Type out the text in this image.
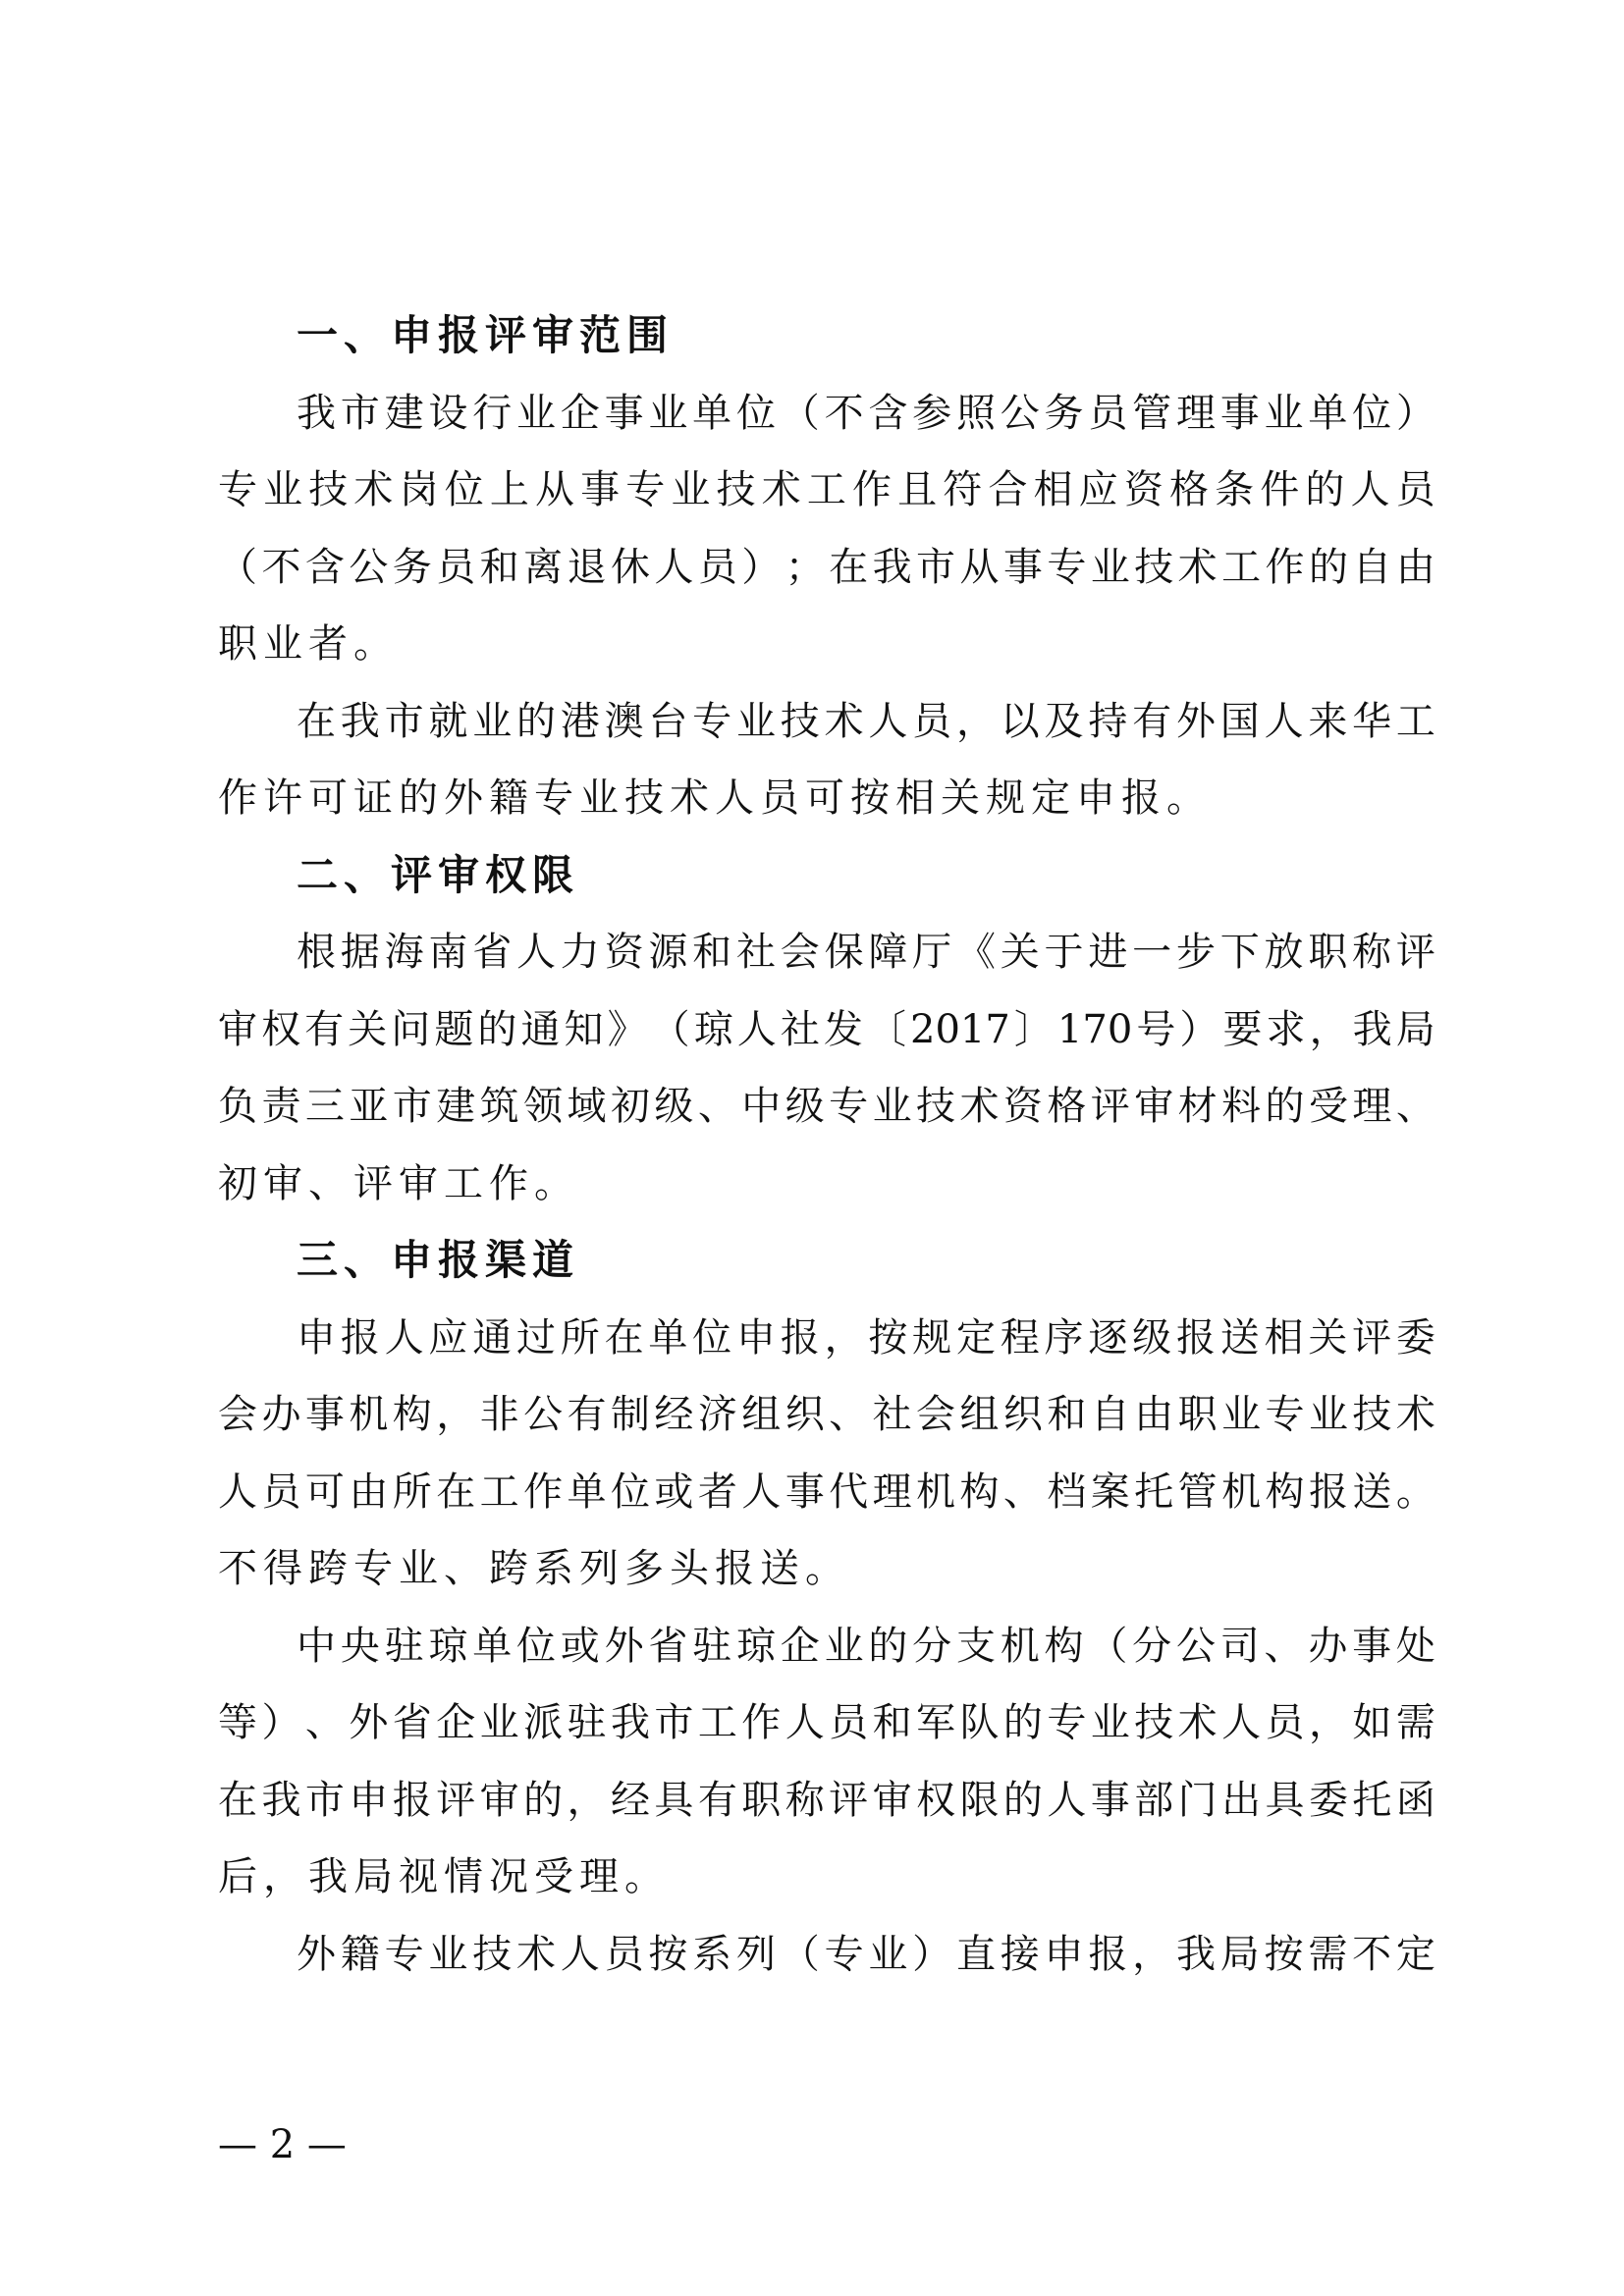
一、申报评审范围
我 市 建 设 行 业 企 事 业 单 位 （ 不 含 参 照 公 务 员 管 理 事 业 单 位 ）
专 业 技 术 岗 位 上 从 事 专 业 技 术 工 作 且 符 合 相 应 资 格 条 件 的 人 员
（ 不 含 公 务 员 和 离 退 休 人 员 ） ； 在 我 市 从 事 专 业 技 术 工 作 的 自 由
职业者。
在 我 市 就 业 的 港 澳 台 专 业 技 术 人 员 ， 以 及 持 有 外 国 人 来 华 工
作许可证的外籍专业技术人员可按相关规定申报。
二、评审权限
根 据 海 南 省 人 力 资 源 和 社 会 保 障 厅 《 关 于 进 一 步 下 放 职 称 评
审 权 有 关 问 题 的 通 知 》 （ 琼 人 社 发 〔 2017 〕 170 号 ） 要 求 ， 我 局
负 责 三 亚 市 建 筑 领 域 初 级 、 中 级 专 业 技 术 资 格 评 审 材 料 的 受 理 、
初审、评审工作。
三、申报渠道
申 报 人 应 通 过 所 在 单 位 申 报 ， 按 规 定 程 序 逐 级 报 送 相 关 评 委
会 办 事 机 构 ， 非 公 有 制 经 济 组 织 、 社 会 组 织 和 自 由 职 业 专 业 技 术
人 员 可 由 所 在 工 作 单 位 或 者 人 事 代 理 机 构 、 档 案 托 管 机 构 报 送 。
不得跨专业、跨系列多头报送。
中 央 驻 琼 单 位 或 外 省 驻 琼 企 业 的 分 支 机 构 （ 分 公 司 、 办 事 处
等 ） 、 外 省 企 业 派 驻 我 市 工 作 人 员 和 军 队 的 专 业 技 术 人 员 ， 如 需
在 我 市 申 报 评 审 的 ， 经 具 有 职 称 评 审 权 限 的 人 事 部 门 出 具 委 托 函
后，我局视情况受理。
外 籍 专 业 技 术 人 员 按 系 列 （ 专 业 ） 直 接 申 报 ， 我 局 按 需 不 定
— 2 —
